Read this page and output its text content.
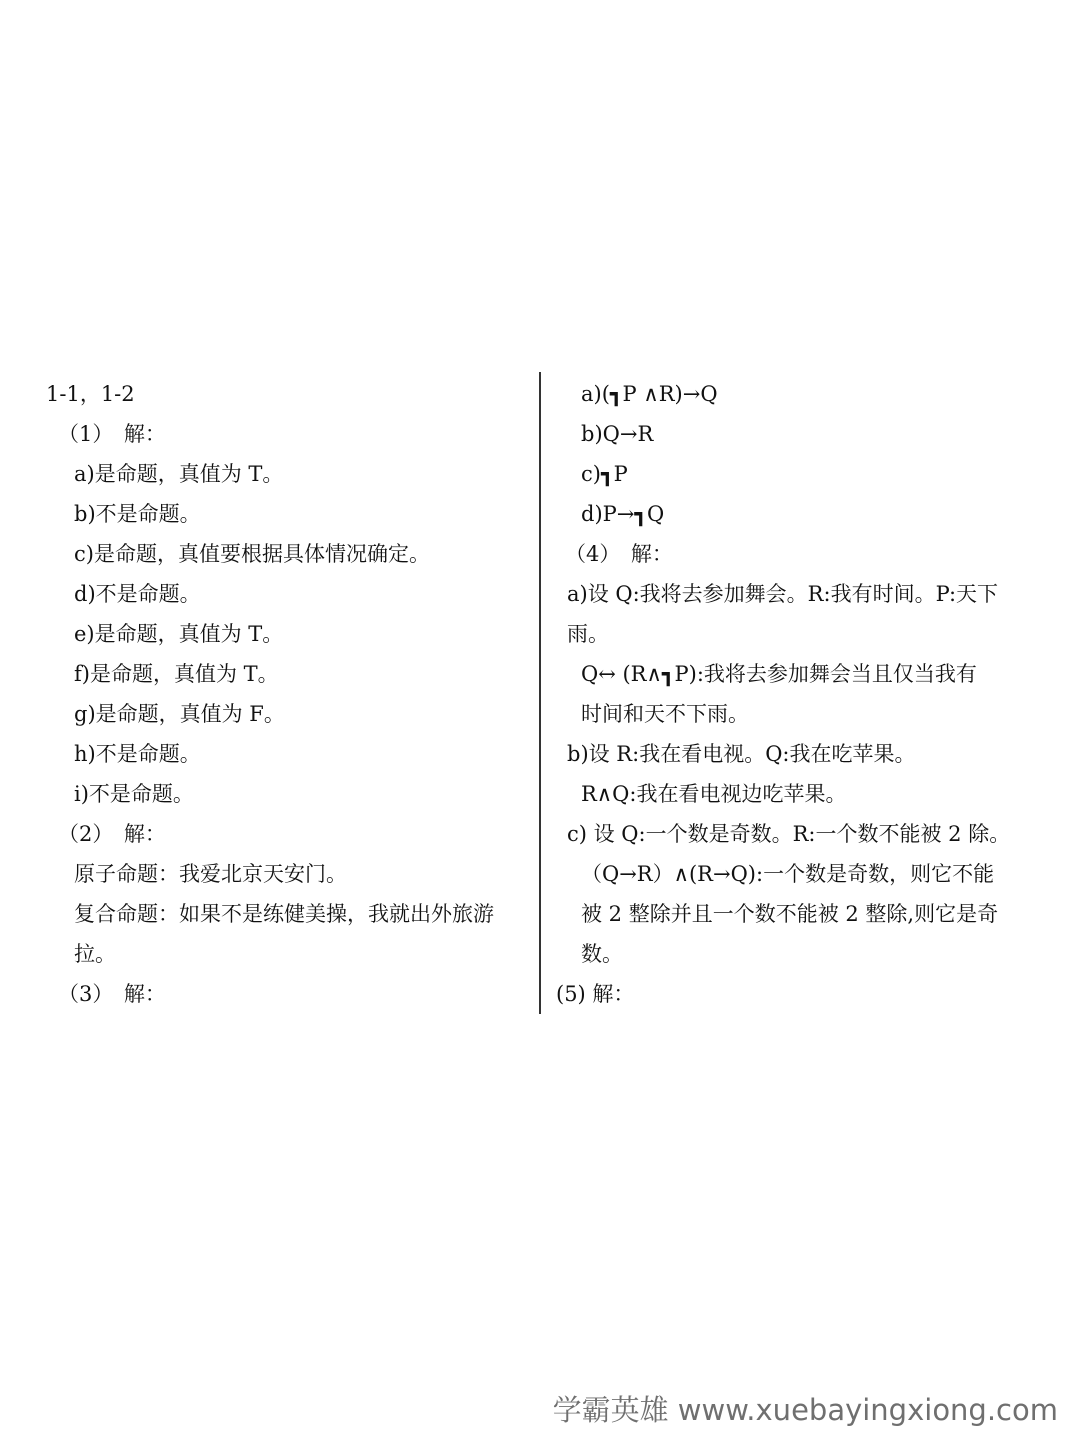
1-1，1-2
（1）　解：
a)是命题，真值为 T。
b)不是命题。
c)是命题，真值要根据具体情况确定。
d)不是命题。
e)是命题，真值为 T。
f)是命题，真值为 T。
g)是命题，真值为 F。
h)不是命题。
i)不是命题。
（2）　解：
原子命题：我爱北京天安门。
复合命题：如果不是练健美操，我就出外旅游
拉。
（3）　解：
a)(┓P ∧R)→Q
b)Q→R
c)┓P
d)P→┓Q
（4）　解：
a)设 Q:我将去参加舞会。R:我有时间。P:天下
雨。
Q↔ (R∧┓P):我将去参加舞会当且仅当我有
时间和天不下雨。
b)设 R:我在看电视。Q:我在吃苹果。
R∧Q:我在看电视边吃苹果。
c) 设 Q:一个数是奇数。R:一个数不能被 2 除。
（Q→R）∧(R→Q):一个数是奇数，则它不能
被 2 整除并且一个数不能被 2 整除,则它是奇
数。
(5) 解：
学霸英雄 www.xuebayingxiong.com
